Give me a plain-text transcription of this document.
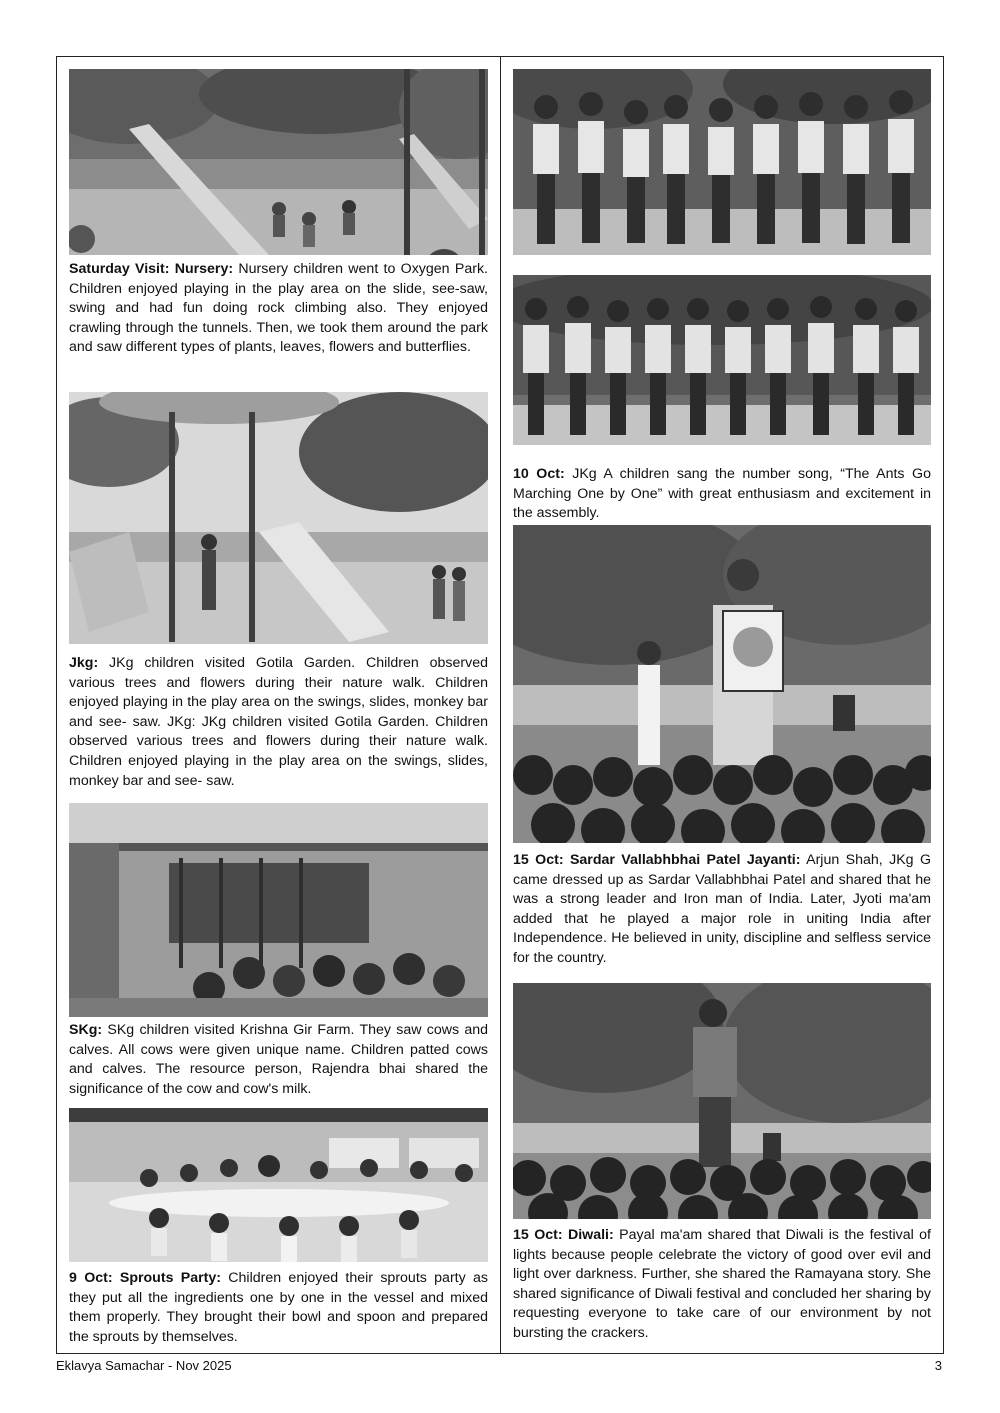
Saturday Visit: Nursery: Nursery children went to Oxygen Park. Children enjoyed playing in the play area on the slide, see-saw, swing and had fun doing rock climbing also. They enjoyed crawling through the tunnels. Then, we took them around the park and saw different types of plants, leaves, flowers and butterflies.

Jkg: JKg children visited Gotila Garden. Children observed various trees and flowers during their nature walk. Children enjoyed playing in the play area on the swings, slides, monkey bar and see- saw. JKg: JKg children visited Gotila Garden. Children observed various trees and flowers during their nature walk. Children enjoyed playing in the play area on the swings, slides, monkey bar and see- saw.

SKg: SKg children visited Krishna Gir Farm. They saw cows and calves. All cows were given unique name. Children patted cows and calves. The resource person, Rajendra bhai shared the significance of the cow and cow's milk.

9 Oct: Sprouts Party: Children enjoyed their sprouts party as they put all the ingredients one by one in the vessel and mixed them properly. They brought their bowl and spoon and prepared the sprouts by themselves.

10 Oct: JKg A children sang the number song, “The Ants Go Marching One by One” with great enthusiasm and excitement in the assembly.

15 Oct: Sardar Vallabhbhai Patel Jayanti: Arjun Shah, JKg G came dressed up as Sardar Vallabhbhai Patel and shared that he was a strong leader and Iron man of India. Later, Jyoti ma'am added that he played a major role in uniting India after Independence. He believed in unity, discipline and selfless service for the country.

15 Oct: Diwali: Payal ma'am shared that Diwali is the festival of lights because people celebrate the victory of good over evil and light over darkness. Further, she shared the Ramayana story. She shared significance of Diwali festival and concluded her sharing by requesting everyone to take care of our environment by not bursting the crackers.

Eklavya Samachar - Nov 2025	3
